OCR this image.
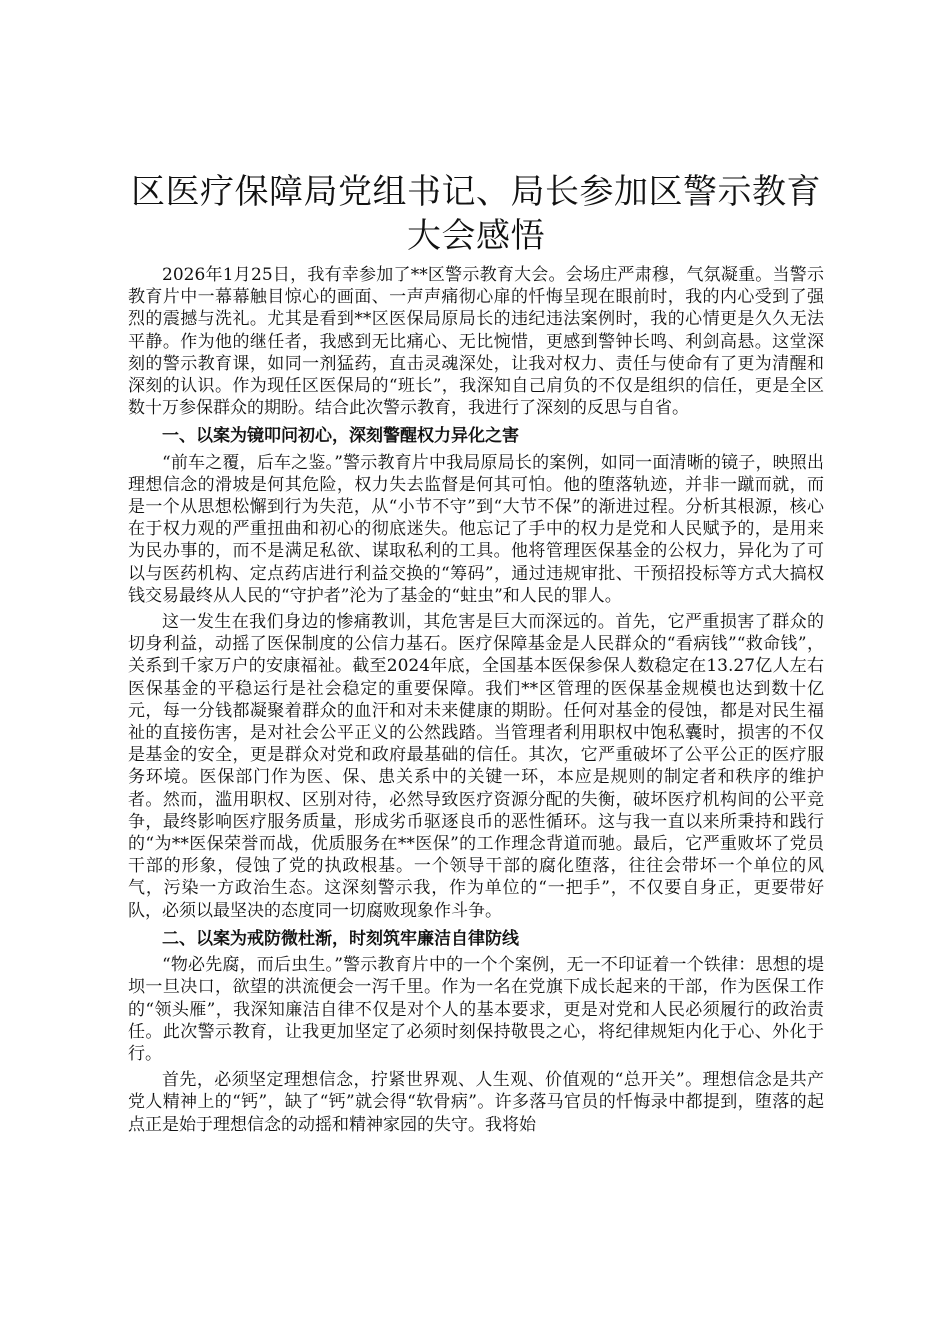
区医疗保障局党组书记、局长参加区警示教育大会感悟

2026年1月25日，我有幸参加了**区警示教育大会。会场庄严肃穆，气氛凝重。当警示教育片中一幕幕触目惊心的画面、一声声痛彻心扉的忏悔呈现在眼前时，我的内心受到了强烈的震撼与洗礼。尤其是看到**区医保局原局长的违纪违法案例时，我的心情更是久久无法平静。作为他的继任者，我感到无比痛心、无比惋惜，更感到警钟长鸣、利剑高悬。这堂深刻的警示教育课，如同一剂猛药，直击灵魂深处，让我对权力、责任与使命有了更为清醒和深刻的认识。作为现任区医保局的“班长”，我深知自己肩负的不仅是组织的信任，更是全区数十万参保群众的期盼。结合此次警示教育，我进行了深刻的反思与自省。

一、以案为镜叩问初心，深刻警醒权力异化之害

“前车之覆，后车之鉴。”警示教育片中我局原局长的案例，如同一面清晰的镜子，映照出理想信念的滑坡是何其危险，权力失去监督是何其可怕。他的堕落轨迹，并非一蹴而就，而是一个从思想松懈到行为失范，从“小节不守”到“大节不保”的渐进过程。分析其根源，核心在于权力观的严重扭曲和初心的彻底迷失。他忘记了手中的权力是党和人民赋予的，是用来为民办事的，而不是满足私欲、谋取私利的工具。他将管理医保基金的公权力，异化为了可以与医药机构、定点药店进行利益交换的“筹码”，通过违规审批、干预招投标等方式大搞权钱交易最终从人民的“守护者”沦为了基金的“蛀虫”和人民的罪人。

这一发生在我们身边的惨痛教训，其危害是巨大而深远的。首先，它严重损害了群众的切身利益，动摇了医保制度的公信力基石。医疗保障基金是人民群众的“看病钱”“救命钱”，关系到千家万户的安康福祉。截至2024年底，全国基本医保参保人数稳定在13.27亿人左右医保基金的平稳运行是社会稳定的重要保障。我们**区管理的医保基金规模也达到数十亿元，每一分钱都凝聚着群众的血汗和对未来健康的期盼。任何对基金的侵蚀，都是对民生福祉的直接伤害，是对社会公平正义的公然践踏。当管理者利用职权中饱私囊时，损害的不仅是基金的安全，更是群众对党和政府最基础的信任。其次，它严重破坏了公平公正的医疗服务环境。医保部门作为医、保、患关系中的关键一环，本应是规则的制定者和秩序的维护者。然而，滥用职权、区别对待，必然导致医疗资源分配的失衡，破坏医疗机构间的公平竞争，最终影响医疗服务质量，形成劣币驱逐良币的恶性循环。这与我一直以来所秉持和践行的“为**医保荣誉而战，优质服务在**医保”的工作理念背道而驰。最后，它严重败坏了党员干部的形象，侵蚀了党的执政根基。一个领导干部的腐化堕落，往往会带坏一个单位的风气，污染一方政治生态。这深刻警示我，作为单位的“一把手”，不仅要自身正，更要带好队，必须以最坚决的态度同一切腐败现象作斗争。

二、以案为戒防微杜渐，时刻筑牢廉洁自律防线

“物必先腐，而后虫生。”警示教育片中的一个个案例，无一不印证着一个铁律：思想的堤坝一旦决口，欲望的洪流便会一泻千里。作为一名在党旗下成长起来的干部，作为医保工作的“领头雁”，我深知廉洁自律不仅是对个人的基本要求，更是对党和人民必须履行的政治责任。此次警示教育，让我更加坚定了必须时刻保持敬畏之心，将纪律规矩内化于心、外化于行。

首先，必须坚定理想信念，拧紧世界观、人生观、价值观的“总开关”。理想信念是共产党人精神上的“钙”，缺了“钙”就会得“软骨病”。许多落马官员的忏悔录中都提到，堕落的起点正是始于理想信念的动摇和精神家园的失守。我将始
